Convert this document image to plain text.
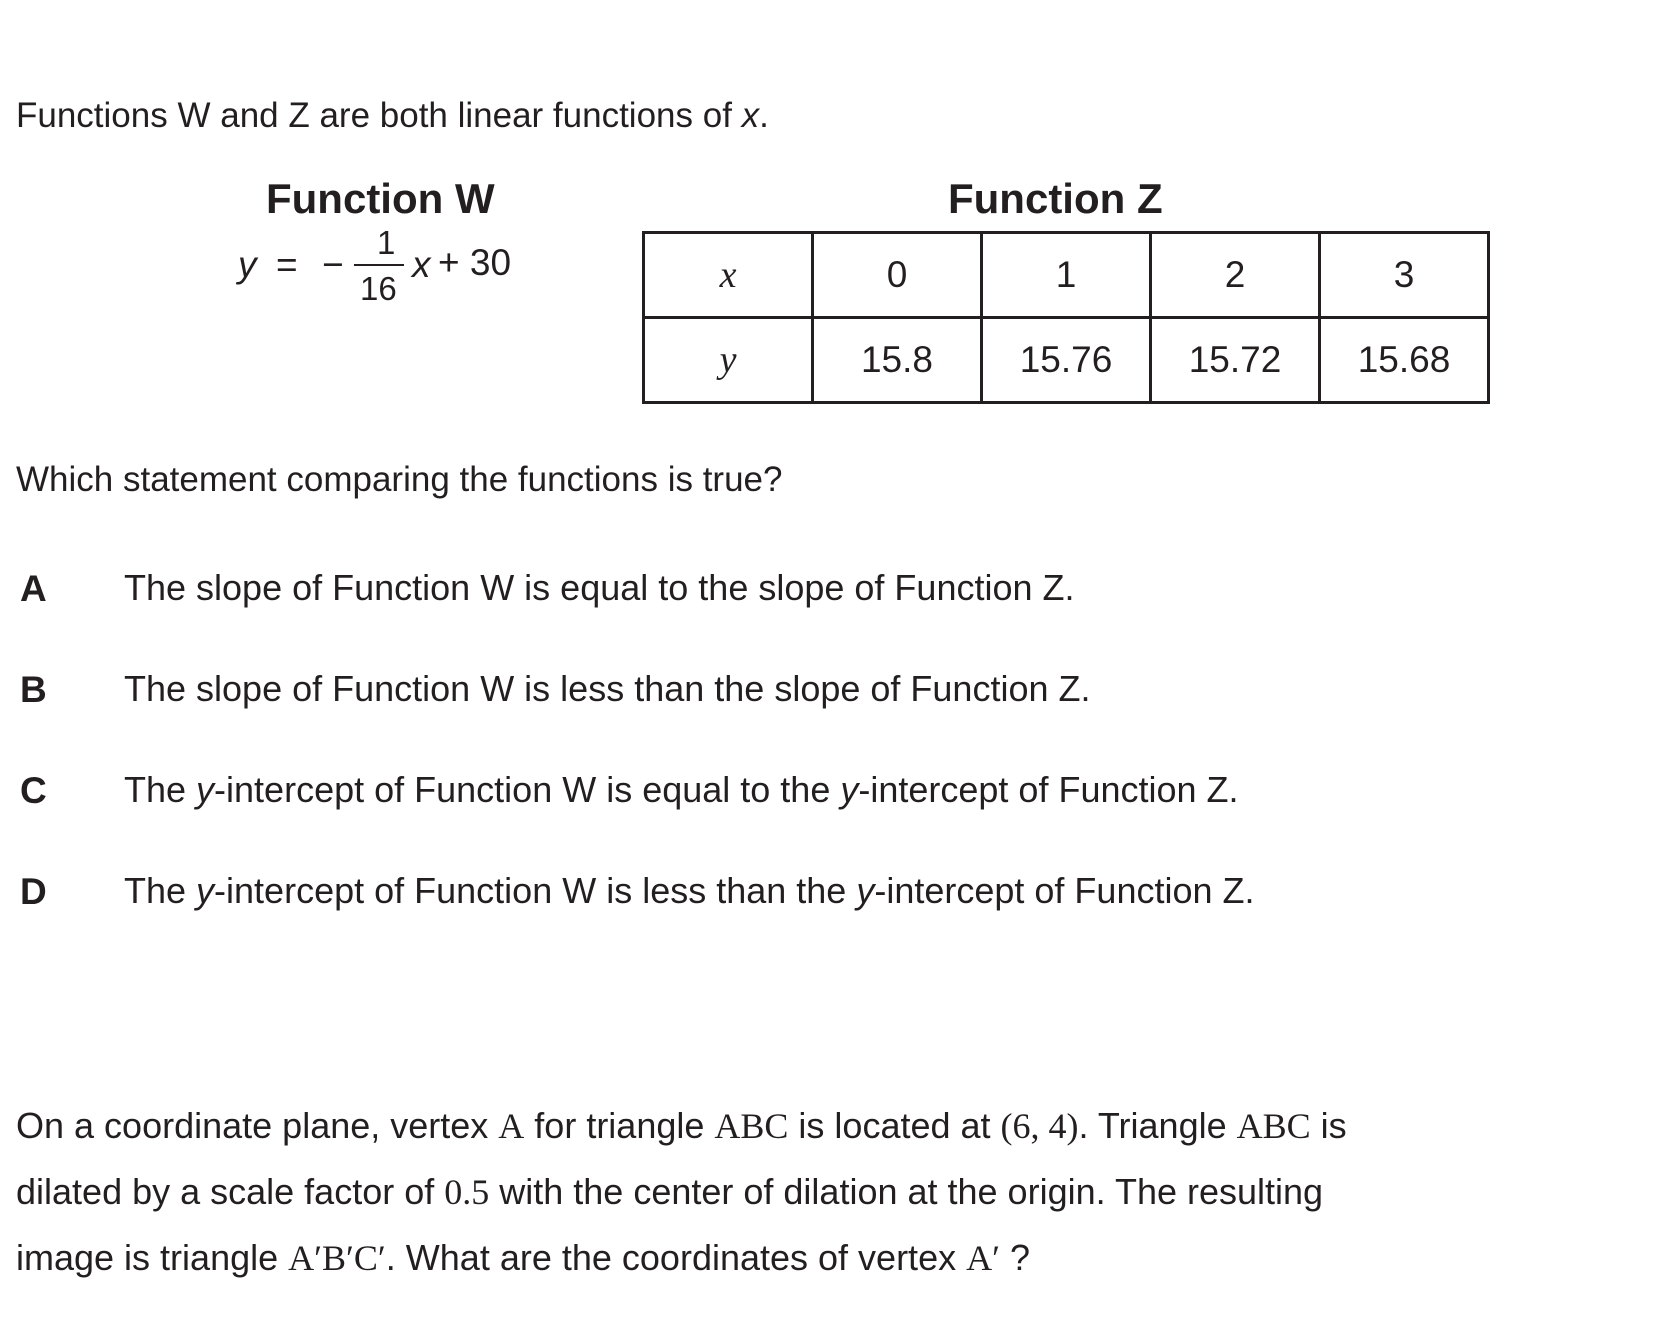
Functions W and Z are both linear functions of x.
Function W
y = −
1
16
x + 30
Function Z
x	0	1	2	3
y	15.8	15.76	15.72	15.68
Which statement comparing the functions is true?
A The slope of Function W is equal to the slope of Function Z.
B The slope of Function W is less than the slope of Function Z.
C The y-intercept of Function W is equal to the y-intercept of Function Z.
D The y-intercept of Function W is less than the y-intercept of Function Z.
On a coordinate plane, vertex A for triangle ABC is located at (6, 4). Triangle ABC is
dilated by a scale factor of 0.5 with the center of dilation at the origin. The resulting
image is triangle A′B′C′. What are the coordinates of vertex A′ ?
